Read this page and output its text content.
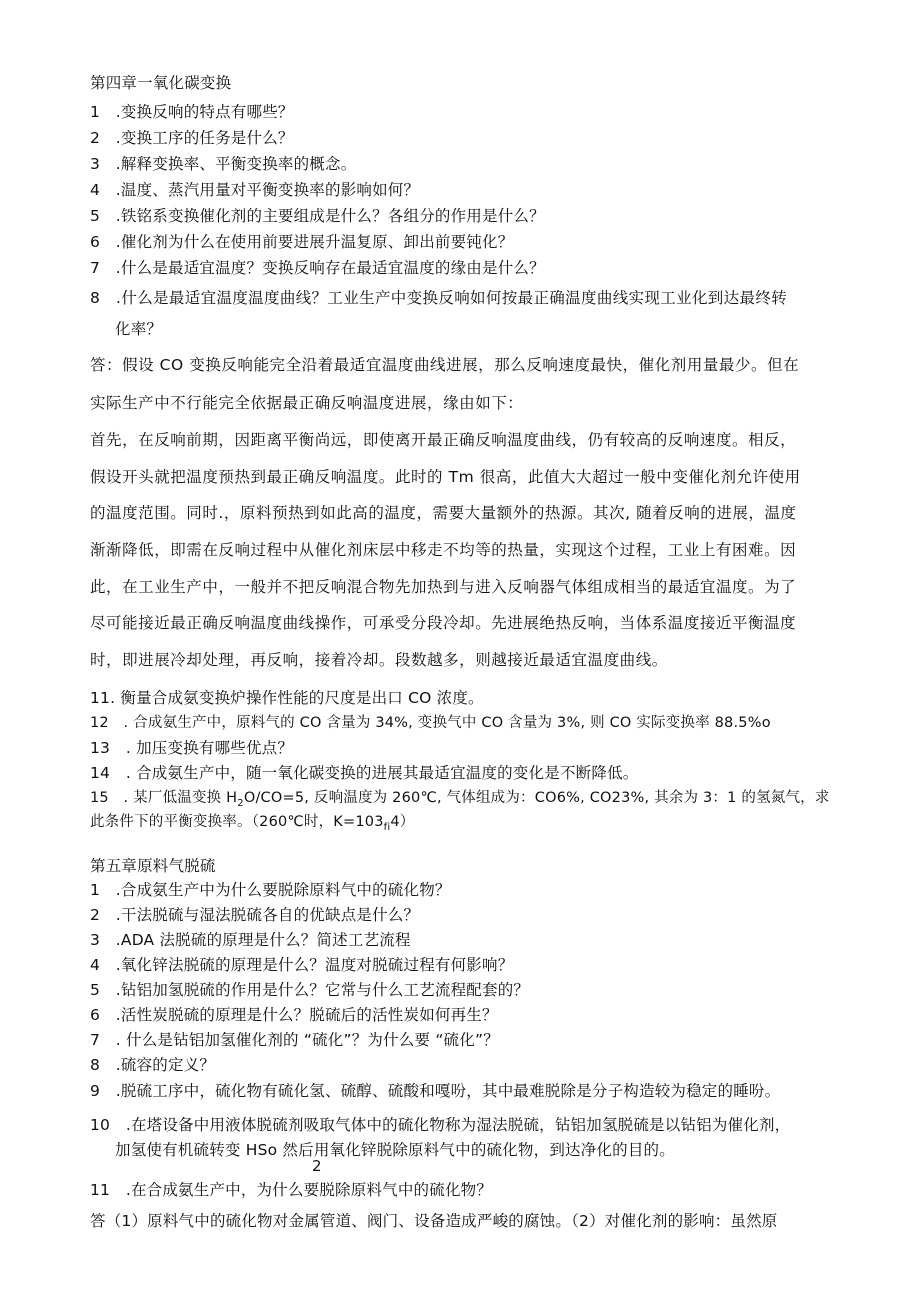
第四章一氧化碳变换
1　.变换反响的特点有哪些？
2　.变换工序的任务是什么？
3　.解释变换率、平衡变换率的概念。
4　.温度、蒸汽用量对平衡变换率的影响如何？
5　.铁铭系变换催化剂的主要组成是什么？各组分的作用是什么？
6　.催化剂为什么在使用前要进展升温复原、卸出前要钝化？
7　.什么是最适宜温度？变换反响存在最适宜温度的缘由是什么？
8　.什么是最适宜温度温度曲线？工业生产中变换反响如何按最正确温度曲线实现工业化到达最终转
化率？
答：假设 CO 变换反响能完全沿着最适宜温度曲线进展，那么反响速度最快，催化剂用量最少。但在
实际生产中不行能完全依据最正确反响温度进展，缘由如下：
首先，在反响前期，因距离平衡尚远，即使离开最正确反响温度曲线，仍有较高的反响速度。相反，
假设开头就把温度预热到最正确反响温度。此时的 Tm 很高，此值大大超过一般中变催化剂允许使用
的温度范围。同时.，原料预热到如此高的温度，需要大量额外的热源。其次, 随着反响的进展，温度
渐渐降低，即需在反响过程中从催化剂床层中移走不均等的热量，实现这个过程，工业上有困难。因
此，在工业生产中，一般并不把反响混合物先加热到与进入反响器气体组成相当的最适宜温度。为了
尽可能接近最正确反响温度曲线操作，可承受分段冷却。先进展绝热反响，当体系温度接近平衡温度
时，即进展冷却处理，再反响，接着冷却。段数越多，则越接近最适宜温度曲线。
11. 衡量合成氨变换炉操作性能的尺度是出口 CO 浓度。
12　. 合成氨生产中，原料气的 CO 含量为 34%, 变换气中 CO 含量为 3%, 则 CO 实际变换率 88.5%o
13　. 加压变换有哪些优点？
14　. 合成氨生产中，随一氧化碳变换的进展其最适宜温度的变化是不断降低。
15　. 某厂低温变换 $H_2O/CO=5$, 反响温度为 260℃, 气体组成为：CO6%, CO23%, 其余为 3：1 的氢氮气，求
此条件下的平衡变换率。（260℃时，$K=103_{fi}4$）
第五章原料气脱硫
1　.合成氨生产中为什么要脱除原料气中的硫化物？
2　.干法脱硫与湿法脱硫各自的优缺点是什么？
3　.ADA 法脱硫的原理是什么？简述工艺流程
4　.氧化锌法脱硫的原理是什么？温度对脱硫过程有何影响？
5　.钻铝加氢脱硫的作用是什么？它常与什么工艺流程配套的？
6　.活性炭脱硫的原理是什么？脱硫后的活性炭如何再生？
7　. 什么是钻铝加氢催化剂的 “硫化”？为什么要 “硫化”？
8　.硫容的定义？
9　.脱硫工序中，硫化物有硫化氢、硫醇、硫酸和嘎吩，其中最难脱除是分子构造较为稳定的睡吩。
10　.在塔设备中用液体脱硫剂吸取气体中的硫化物称为湿法脱硫，钻铝加氢脱硫是以钻铝为催化剂，
加氢使有机硫转变 HSo 然后用氧化锌脱除原料气中的硫化物，到达净化的目的。
2
11　.在合成氨生产中，为什么要脱除原料气中的硫化物？
答（1）原料气中的硫化物对金属管道、阀门、设备造成严峻的腐蚀。（2）对催化剂的影响：虽然原
